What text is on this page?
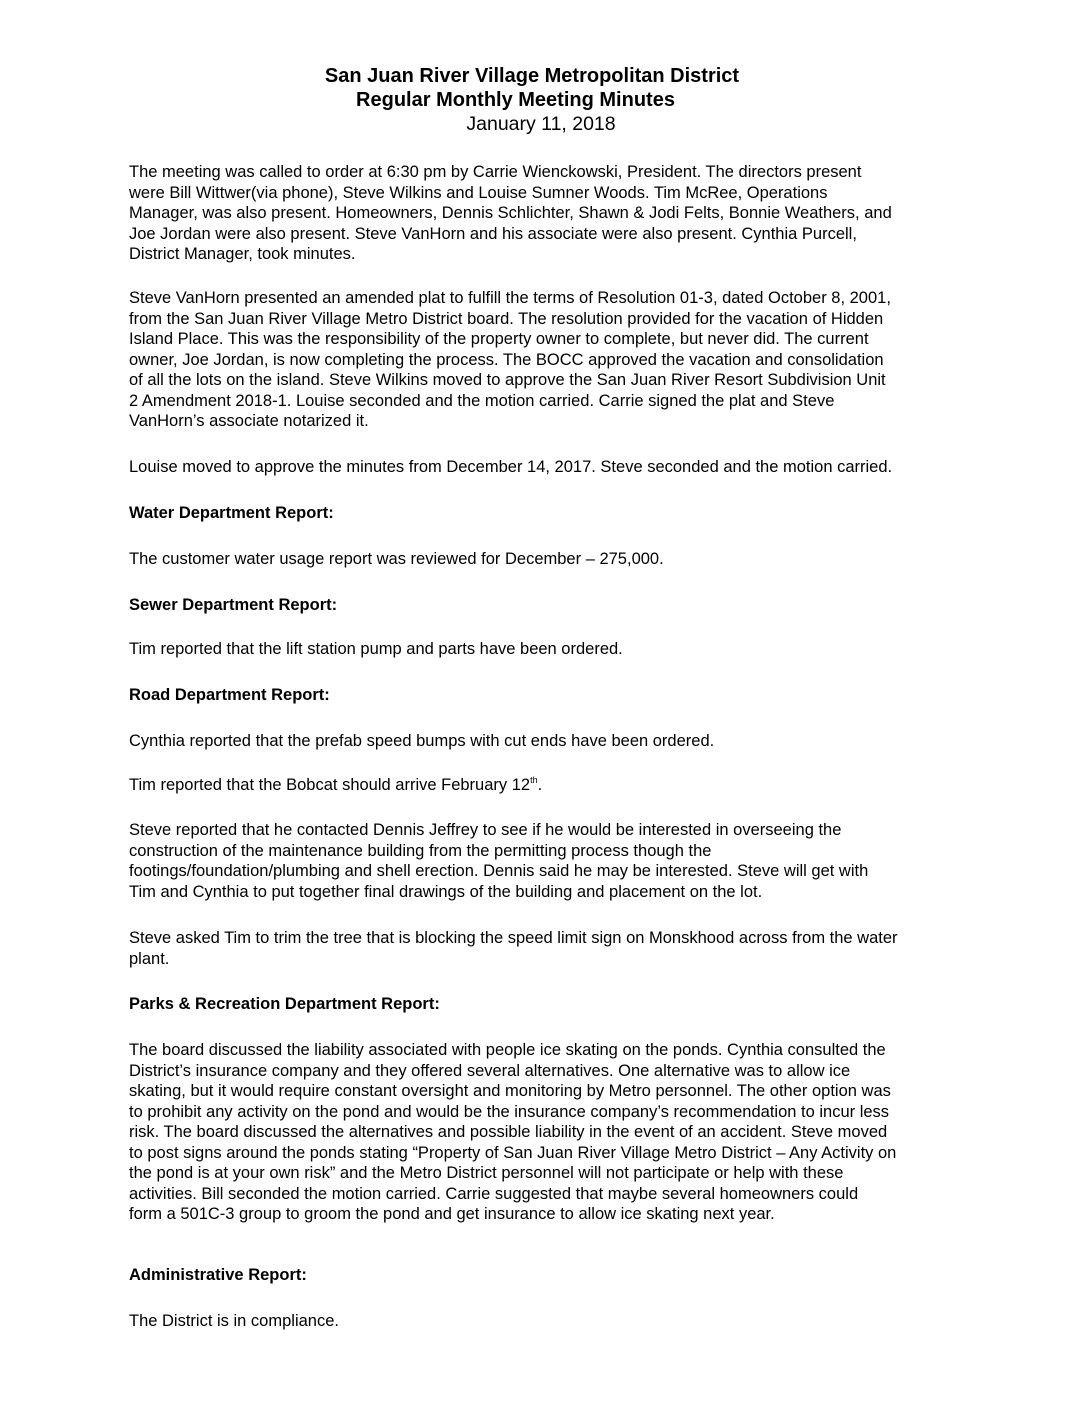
San Juan River Village Metropolitan District
Regular Monthly Meeting Minutes
January 11, 2018
The meeting was called to order at 6:30 pm by Carrie Wienckowski, President. The directors present
were Bill Wittwer(via phone), Steve Wilkins and Louise Sumner Woods. Tim McRee, Operations
Manager, was also present. Homeowners, Dennis Schlichter, Shawn & Jodi Felts, Bonnie Weathers, and
Joe Jordan were also present. Steve VanHorn and his associate were also present. Cynthia Purcell,
District Manager, took minutes.
Steve VanHorn presented an amended plat to fulfill the terms of Resolution 01-3, dated October 8, 2001,
from the San Juan River Village Metro District board. The resolution provided for the vacation of Hidden
Island Place. This was the responsibility of the property owner to complete, but never did. The current
owner, Joe Jordan, is now completing the process. The BOCC approved the vacation and consolidation
of all the lots on the island. Steve Wilkins moved to approve the San Juan River Resort Subdivision Unit
2 Amendment 2018-1. Louise seconded and the motion carried. Carrie signed the plat and Steve
VanHorn’s associate notarized it.
Louise moved to approve the minutes from December 14, 2017. Steve seconded and the motion carried.
Water Department Report:
The customer water usage report was reviewed for December – 275,000.
Sewer Department Report:
Tim reported that the lift station pump and parts have been ordered.
Road Department Report:
Cynthia reported that the prefab speed bumps with cut ends have been ordered.
Tim reported that the Bobcat should arrive February 12th.
Steve reported that he contacted Dennis Jeffrey to see if he would be interested in overseeing the
construction of the maintenance building from the permitting process though the
footings/foundation/plumbing and shell erection. Dennis said he may be interested. Steve will get with
Tim and Cynthia to put together final drawings of the building and placement on the lot.
Steve asked Tim to trim the tree that is blocking the speed limit sign on Monskhood across from the water
plant.
Parks & Recreation Department Report:
The board discussed the liability associated with people ice skating on the ponds. Cynthia consulted the
District’s insurance company and they offered several alternatives. One alternative was to allow ice
skating, but it would require constant oversight and monitoring by Metro personnel. The other option was
to prohibit any activity on the pond and would be the insurance company’s recommendation to incur less
risk. The board discussed the alternatives and possible liability in the event of an accident. Steve moved
to post signs around the ponds stating “Property of San Juan River Village Metro District – Any Activity on
the pond is at your own risk” and the Metro District personnel will not participate or help with these
activities. Bill seconded the motion carried. Carrie suggested that maybe several homeowners could
form a 501C-3 group to groom the pond and get insurance to allow ice skating next year.
Administrative Report:
The District is in compliance.
